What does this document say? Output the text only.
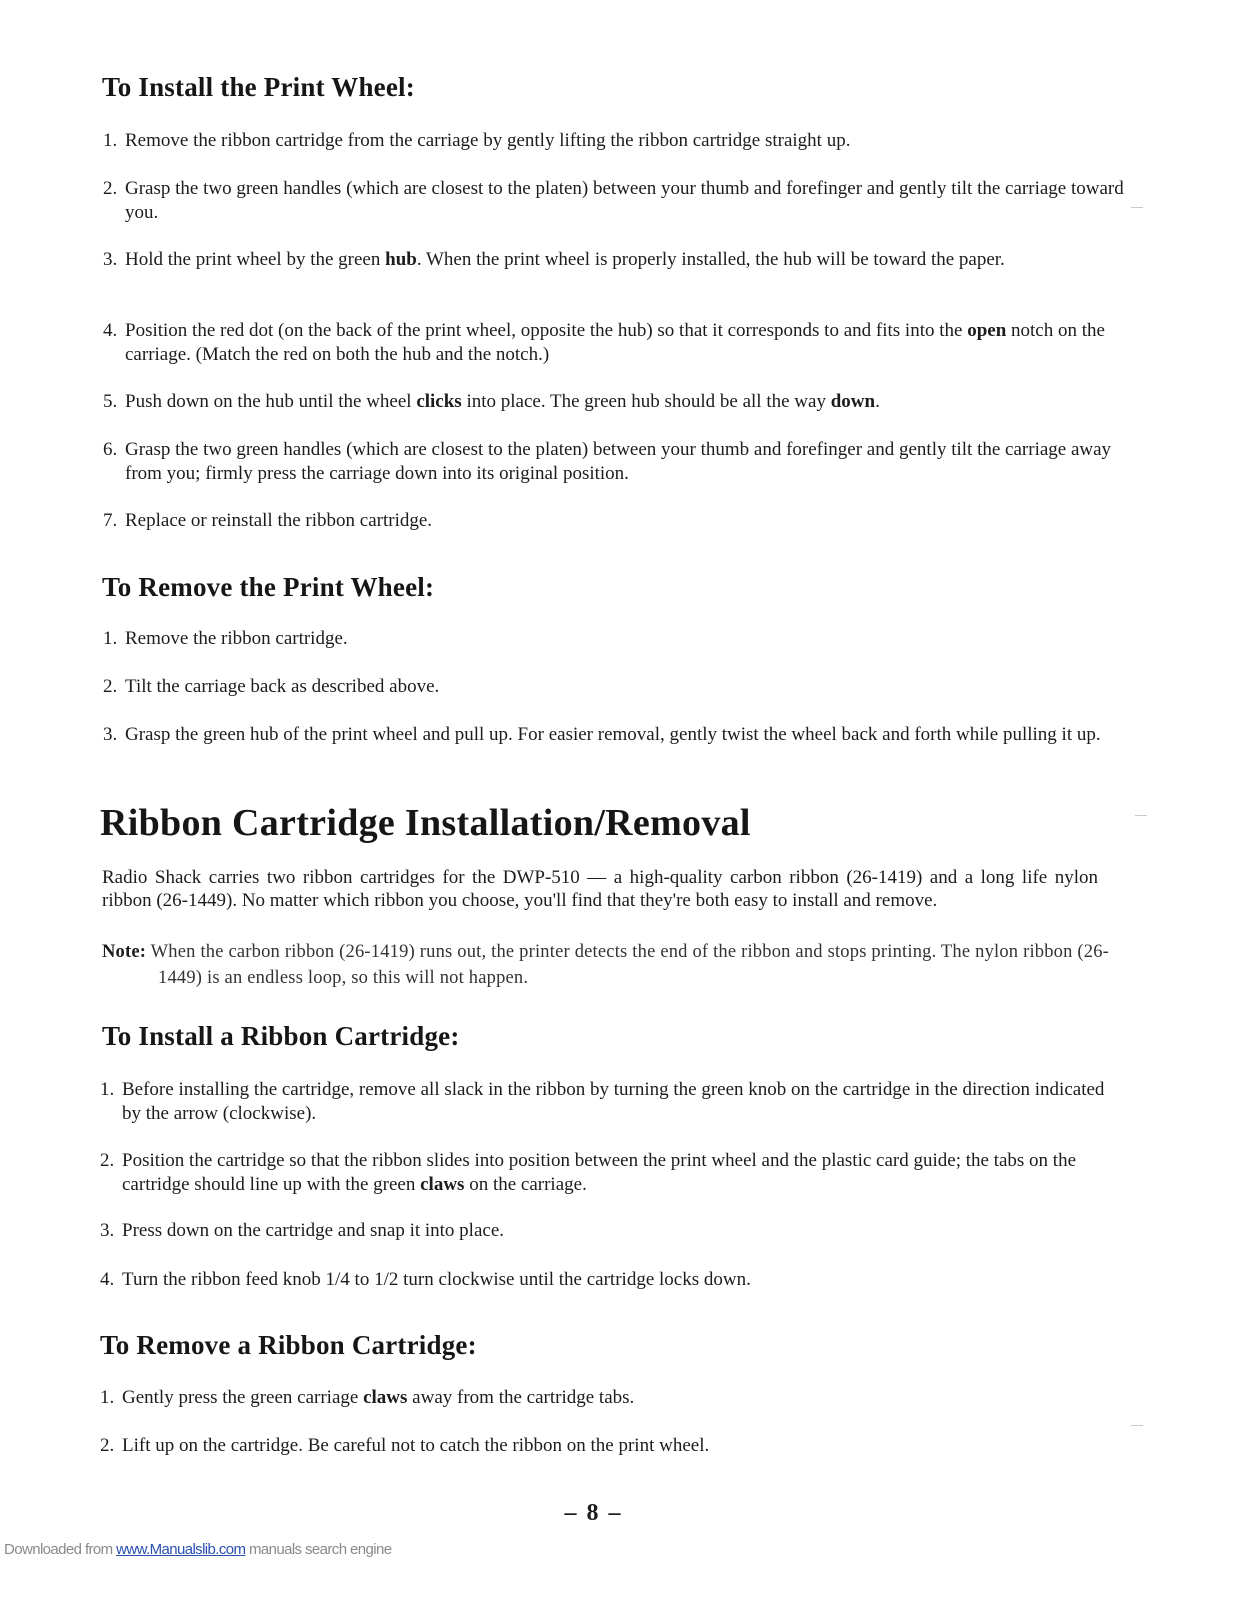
To Install the Print Wheel:
1. Remove the ribbon cartridge from the carriage by gently lifting the ribbon cartridge straight up.
2. Grasp the two green handles (which are closest to the platen) between your thumb and forefinger and gently tilt the carriage toward you.
3. Hold the print wheel by the green hub. When the print wheel is properly installed, the hub will be toward the paper.
4. Position the red dot (on the back of the print wheel, opposite the hub) so that it corresponds to and fits into the open notch on the carriage. (Match the red on both the hub and the notch.)
5. Push down on the hub until the wheel clicks into place. The green hub should be all the way down.
6. Grasp the two green handles (which are closest to the platen) between your thumb and forefinger and gently tilt the carriage away from you; firmly press the carriage down into its original position.
7. Replace or reinstall the ribbon cartridge.
To Remove the Print Wheel:
1. Remove the ribbon cartridge.
2. Tilt the carriage back as described above.
3. Grasp the green hub of the print wheel and pull up. For easier removal, gently twist the wheel back and forth while pulling it up.
Ribbon Cartridge Installation/Removal
Radio Shack carries two ribbon cartridges for the DWP-510 — a high-quality carbon ribbon (26-1419) and a long life nylon ribbon (26-1449). No matter which ribbon you choose, you'll find that they're both easy to install and remove.
Note: When the carbon ribbon (26-1419) runs out, the printer detects the end of the ribbon and stops printing. The nylon ribbon (26-1449) is an endless loop, so this will not happen.
To Install a Ribbon Cartridge:
1. Before installing the cartridge, remove all slack in the ribbon by turning the green knob on the cartridge in the direction indicated by the arrow (clockwise).
2. Position the cartridge so that the ribbon slides into position between the print wheel and the plastic card guide; the tabs on the cartridge should line up with the green claws on the carriage.
3. Press down on the cartridge and snap it into place.
4. Turn the ribbon feed knob 1/4 to 1/2 turn clockwise until the cartridge locks down.
To Remove a Ribbon Cartridge:
1. Gently press the green carriage claws away from the cartridge tabs.
2. Lift up on the cartridge. Be careful not to catch the ribbon on the print wheel.
– 8 –
Downloaded from www.Manualslib.com manuals search engine
